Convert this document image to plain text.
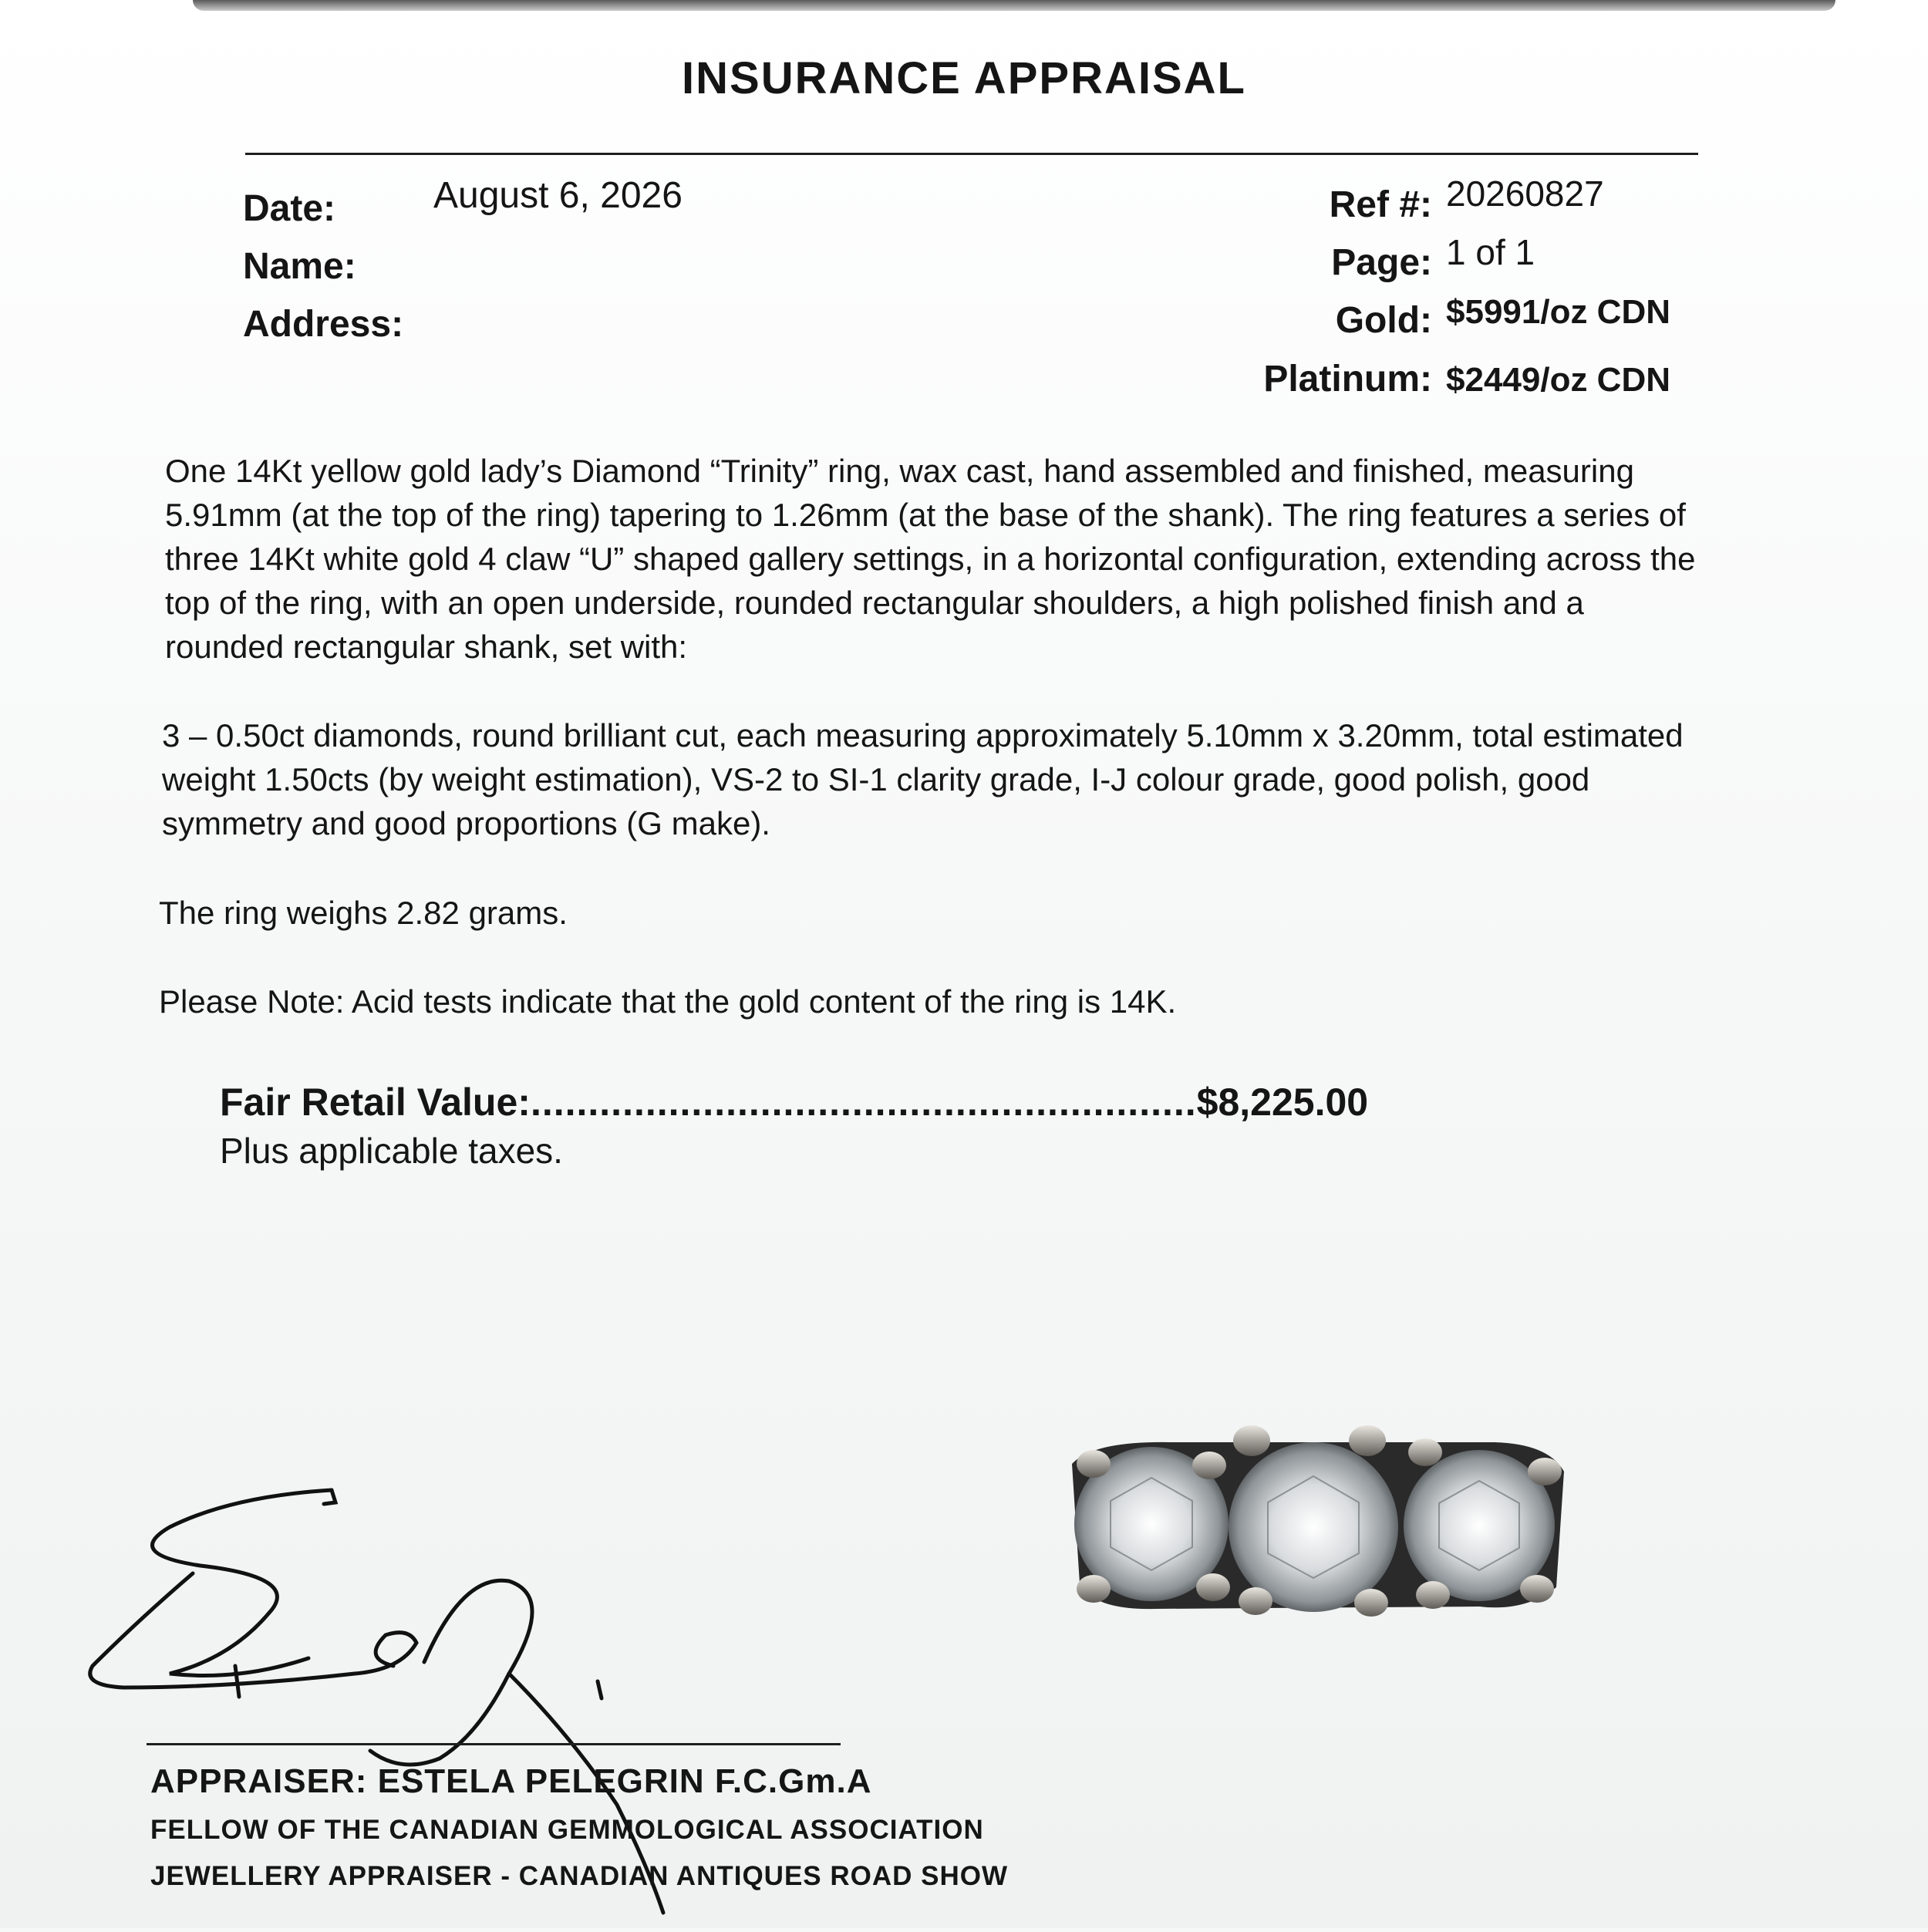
INSURANCE APPRAISAL
Date:	August 6, 2026
Name:
Address:
Ref #: 20260827
Page: 1 of 1
Gold: $5991/oz CDN
Platinum: $2449/oz CDN
One 14Kt yellow gold lady’s Diamond “Trinity” ring, wax cast, hand assembled and finished, measuring 5.91mm (at the top of the ring) tapering to 1.26mm (at the base of the shank). The ring features a series of three 14Kt white gold 4 claw “U” shaped gallery settings, in a horizontal configuration, extending across the top of the ring, with an open underside, rounded rectangular shoulders, a high polished finish and a rounded rectangular shank, set with:
3 – 0.50ct diamonds, round brilliant cut, each measuring approximately 5.10mm x 3.20mm, total estimated weight 1.50cts (by weight estimation), VS-2 to SI-1 clarity grade, I-J colour grade, good polish, good symmetry and good proportions (G make).
The ring weighs 2.82 grams.
Please Note: Acid tests indicate that the gold content of the ring is 14K.
Fair Retail Value:..........................................................$8,225.00
Plus applicable taxes.
APPRAISER: ESTELA PELEGRIN F.C.Gm.A
FELLOW OF THE CANADIAN GEMMOLOGICAL ASSOCIATION
JEWELLERY APPRAISER - CANADIAN ANTIQUES ROAD SHOW
